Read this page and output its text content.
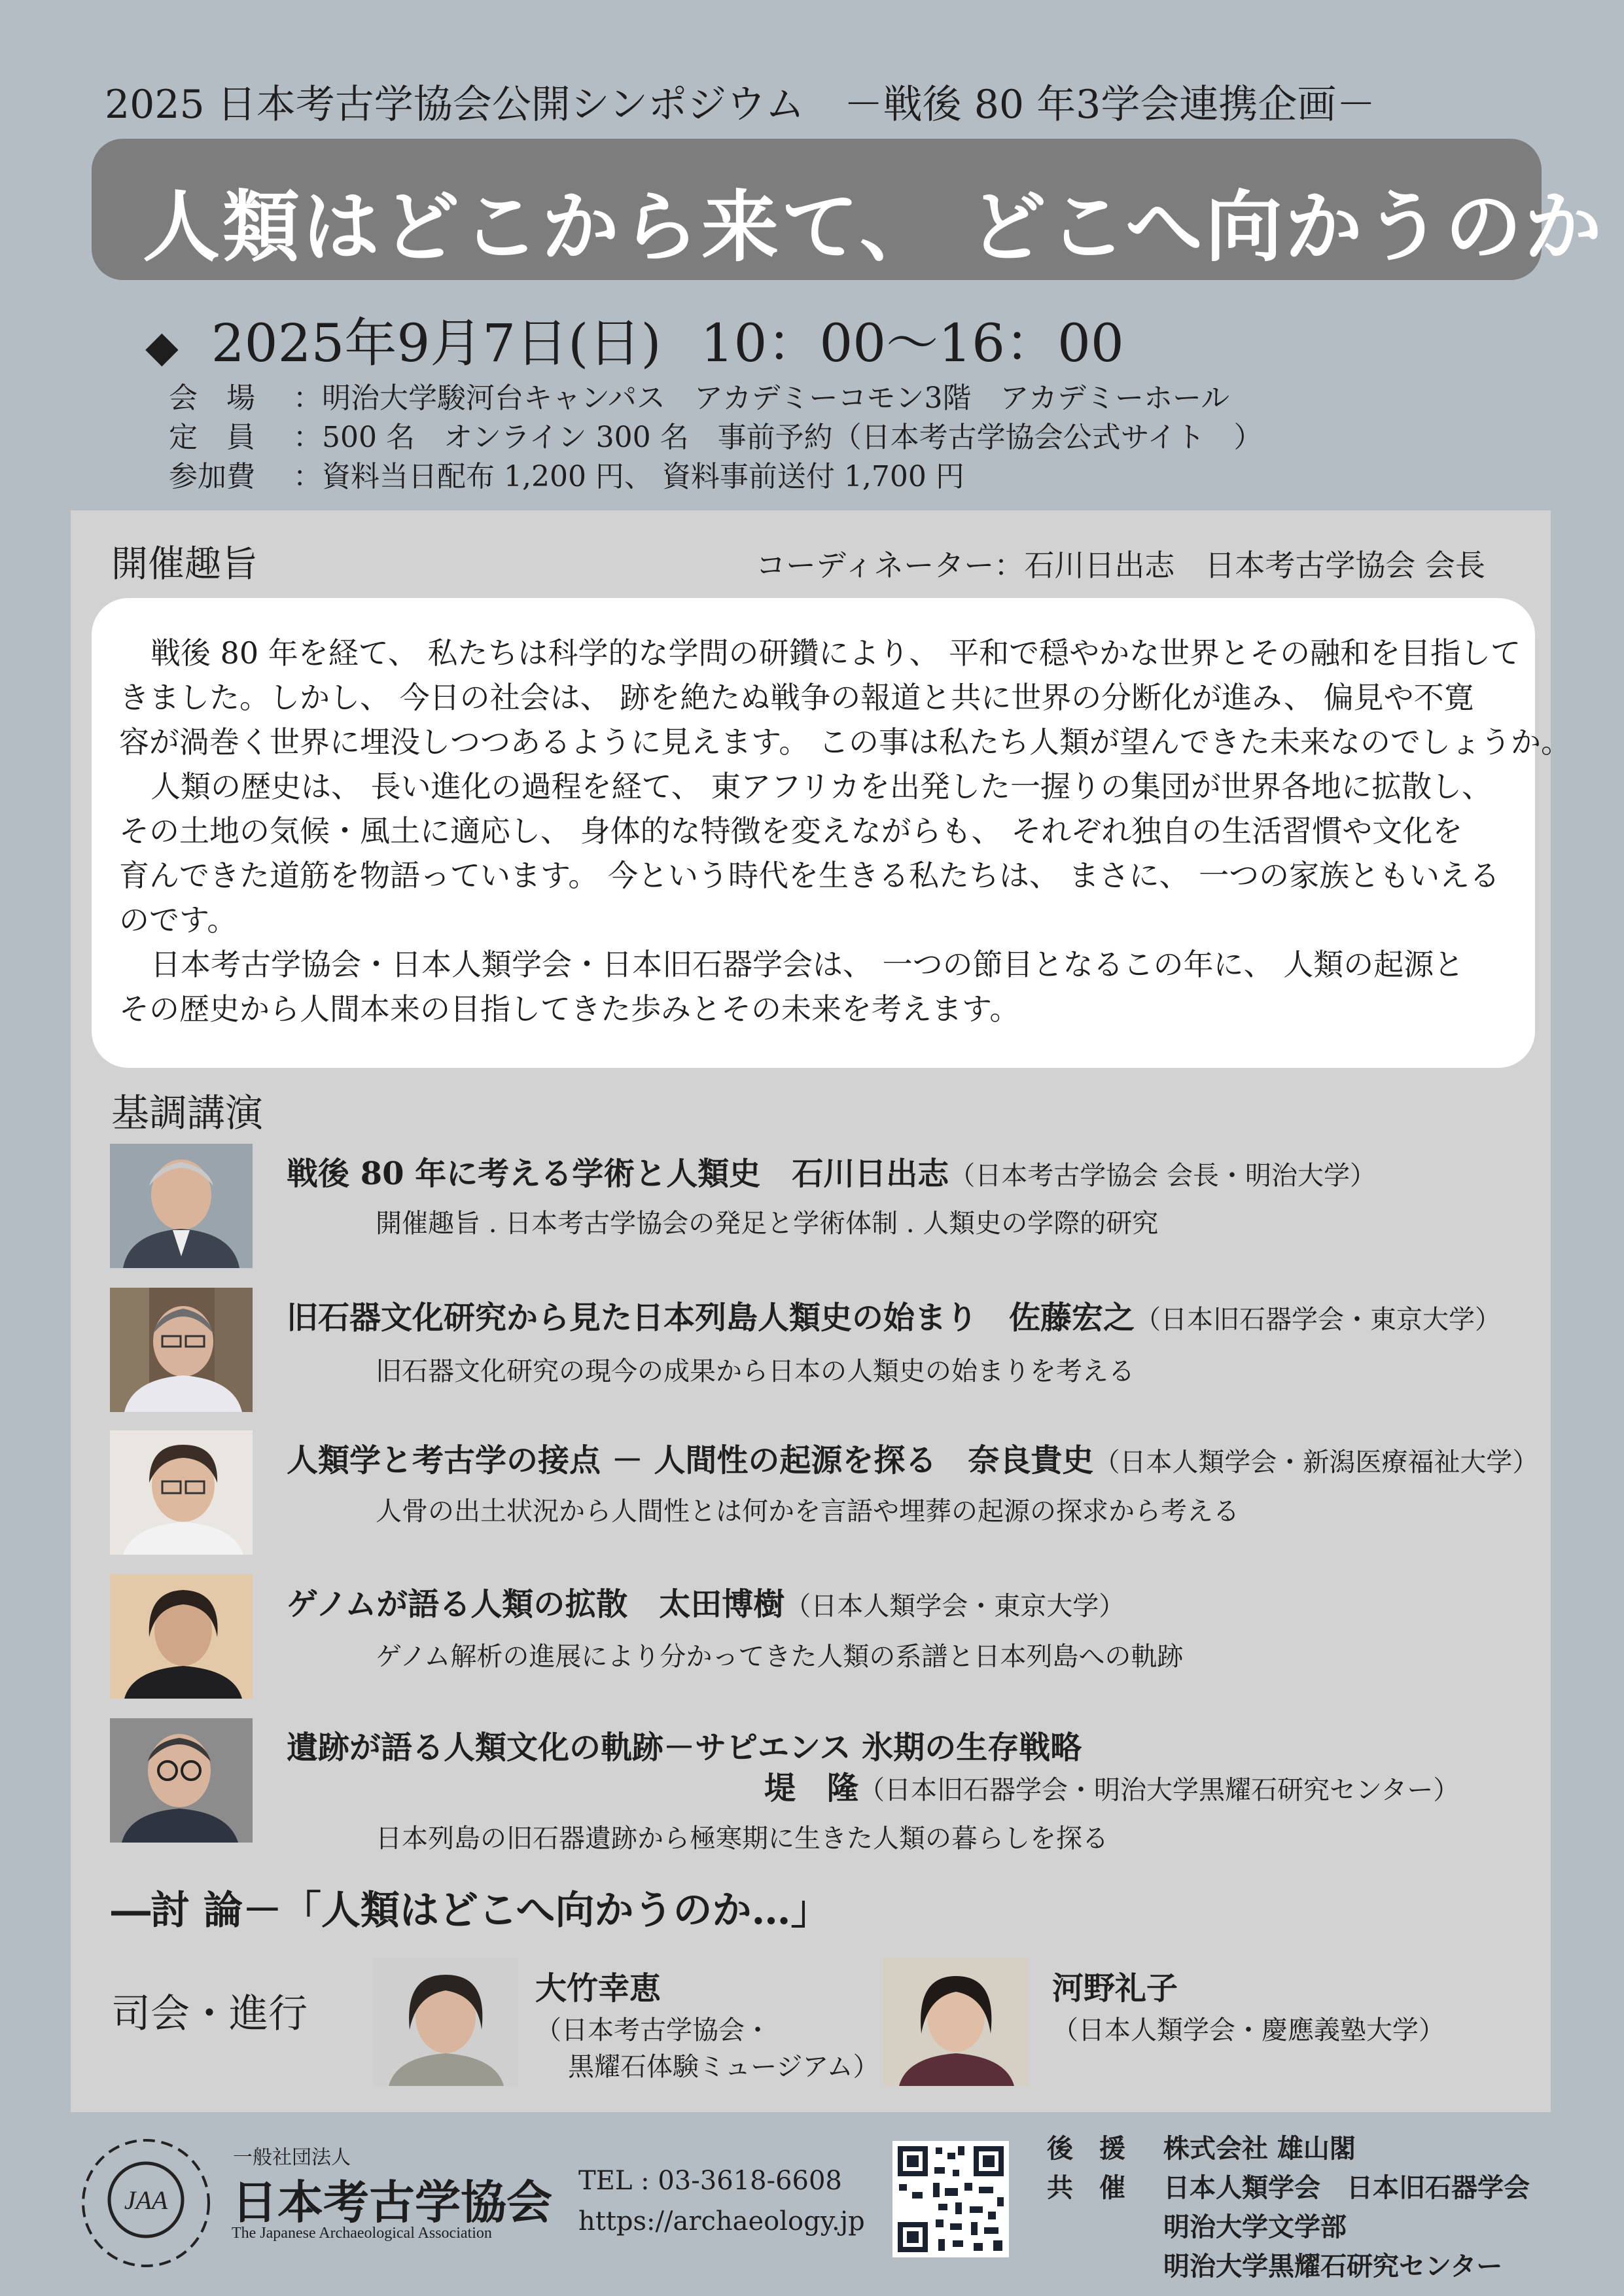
2025 日本考古学協会公開シンポジウム　－戦後 80 年3学会連携企画－
人類はどこから来て、 どこへ向かうのか
◆ 2025年9月7日(日) 10：00～16：00
会　場 ：明治大学駿河台キャンパス　アカデミーコモン3階　アカデミーホール
定　員 ：500 名　オンライン 300 名　事前予約（日本考古学協会公式サイト　）
参加費 ：資料当日配布 1,200 円、 資料事前送付 1,700 円
開催趣旨	コーディネーター：石川日出志　日本考古学協会 会長

戦後 80 年を経て、 私たちは科学的な学問の研鑽により、 平和で穏やかな世界とその融和を目指して

きました。しかし、 今日の社会は、 跡を絶たぬ戦争の報道と共に世界の分断化が進み、 偏見や不寛

容が渦巻く世界に埋没しつつあるように見えます。 この事は私たち人類が望んできた未来なのでしょうか。

人類の歴史は、 長い進化の過程を経て、 東アフリカを出発した一握りの集団が世界各地に拡散し、

その土地の気候・風土に適応し、 身体的な特徴を変えながらも、 それぞれ独自の生活習慣や文化を

育んできた道筋を物語っています。 今という時代を生きる私たちは、 まさに、 一つの家族ともいえる

のです。

日本考古学協会・日本人類学会・日本旧石器学会は、 一つの節目となるこの年に、 人類の起源と

その歴史から人間本来の目指してきた歩みとその未来を考えます。

基調講演
戦後 80 年に考える学術と人類史　石川日出志（日本考古学協会 会長・明治大学）
開催趣旨 . 日本考古学協会の発足と学術体制 . 人類史の学際的研究
旧石器文化研究から見た日本列島人類史の始まり　佐藤宏之（日本旧石器学会・東京大学）
旧石器文化研究の現今の成果から日本の人類史の始まりを考える
人類学と考古学の接点 － 人間性の起源を探る　奈良貴史（日本人類学会・新潟医療福祉大学）
人骨の出土状況から人間性とは何かを言語や埋葬の起源の探求から考える
ゲノムが語る人類の拡散　太田博樹（日本人類学会・東京大学）
ゲノム解析の進展により分かってきた人類の系譜と日本列島への軌跡
遺跡が語る人類文化の軌跡－サピエンス 氷期の生存戦略
堤　隆（日本旧石器学会・明治大学黒耀石研究センター）
日本列島の旧石器遺跡から極寒期に生きた人類の暮らしを探る
―討 論－「人類はどこへ向かうのか…」
司会・進行
大竹幸恵
（日本考古学協会・
黒耀石体験ミュージアム）
河野礼子
（日本人類学会・慶應義塾大学）
JAA
一般社団法人
日本考古学協会
The Japanese Archaeological Association
TEL : 03-3618-6608
https://archaeology.jp
後　援 株式会社 雄山閣
共　催 日本人類学会　日本旧石器学会
明治大学文学部
明治大学黒耀石研究センター
